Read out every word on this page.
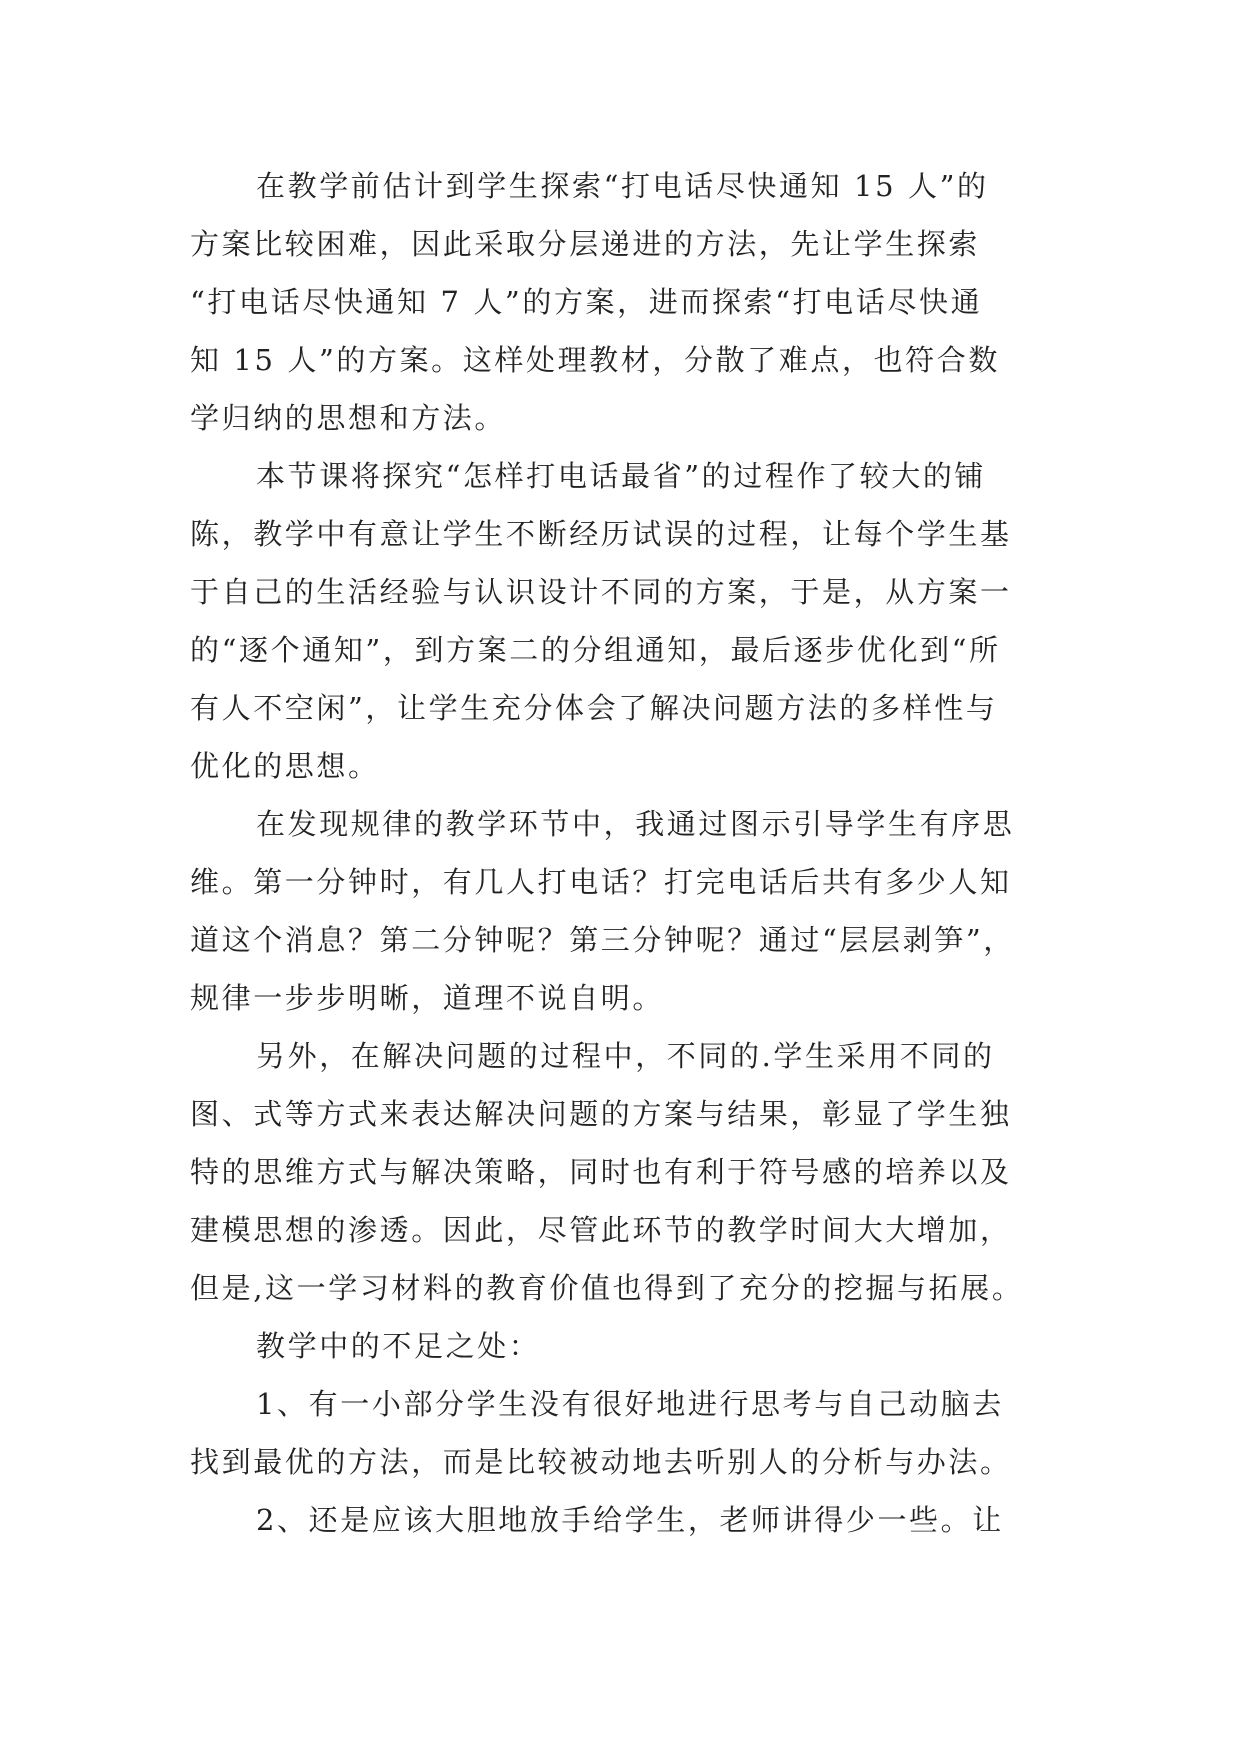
在教学前估计到学生探索“打电话尽快通知 15 人”的
方案比较困难，因此采取分层递进的方法，先让学生探索
“打电话尽快通知 7 人”的方案，进而探索“打电话尽快通
知 15 人”的方案。这样处理教材，分散了难点，也符合数
学归纳的思想和方法。
本节课将探究“怎样打电话最省”的过程作了较大的铺
陈，教学中有意让学生不断经历试误的过程，让每个学生基
于自己的生活经验与认识设计不同的方案，于是，从方案一
的“逐个通知”，到方案二的分组通知，最后逐步优化到“所
有人不空闲”，让学生充分体会了解决问题方法的多样性与
优化的思想。
在发现规律的教学环节中，我通过图示引导学生有序思
维。第一分钟时，有几人打电话？打完电话后共有多少人知
道这个消息？第二分钟呢？第三分钟呢？通过“层层剥笋”，
规律一步步明晰，道理不说自明。
另外，在解决问题的过程中，不同的.学生采用不同的
图、式等方式来表达解决问题的方案与结果，彰显了学生独
特的思维方式与解决策略，同时也有利于符号感的培养以及
建模思想的渗透。因此，尽管此环节的教学时间大大增加，
但是,这一学习材料的教育价值也得到了充分的挖掘与拓展。
教学中的不足之处：
1、有一小部分学生没有很好地进行思考与自己动脑去
找到最优的方法，而是比较被动地去听别人的分析与办法。
2、还是应该大胆地放手给学生，老师讲得少一些。让
